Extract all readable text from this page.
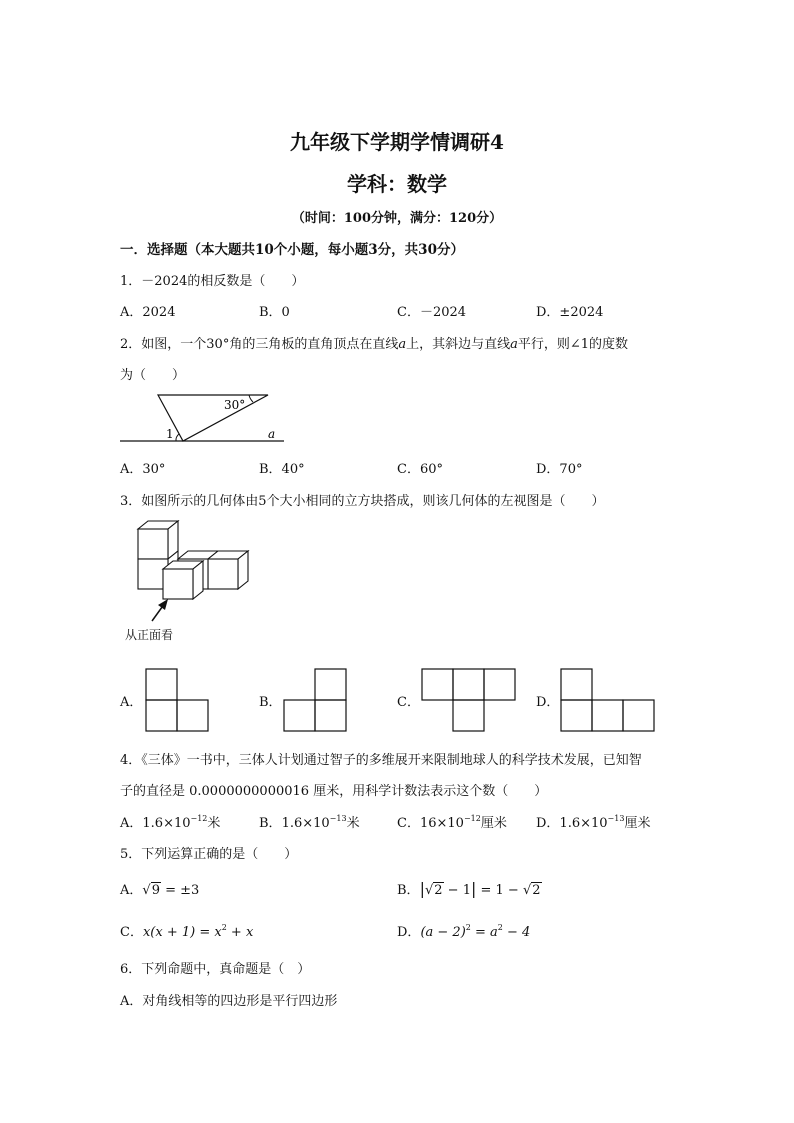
九年级下学期学情调研4
学科：数学
（时间：100分钟，满分：120分）
一．选择题（本大题共10个小题，每小题3分，共30分）
1．－2024的相反数是（　　）
A．2024	B．0	C．－2024	D．±2024
2．如图，一个30°角的三角板的直角顶点在直线a上，其斜边与直线a平行，则∠1的度数
为（　　）
30°
1	a
A．30°	B．40°	C．60°	D．70°
3．如图所示的几何体由5个大小相同的立方块搭成，则该几何体的左视图是（　　）
从正面看
A．	B．	C．	D．
4．《三体》一书中，三体人计划通过智子的多维展开来限制地球人的科学技术发展，已知智
子的直径是 0.0000000000016 厘米，用科学计数法表示这个数（　　）
A．$1.6\times 10^{-12}$米	B．$1.6\times 10^{-13}$米	C．$16\times 10^{-12}$厘米 D．$1.6\times 10^{-13}$厘米
5．下列运算正确的是（　　）
A．√9 = ±3	B．|√2 − 1| = 1 − √2
C．$x(x + 1) = x^2 + x$	D．$(a - 2)^2 = a^2 - 4$
6．下列命题中，真命题是（　）
A．对角线相等的四边形是平行四边形
